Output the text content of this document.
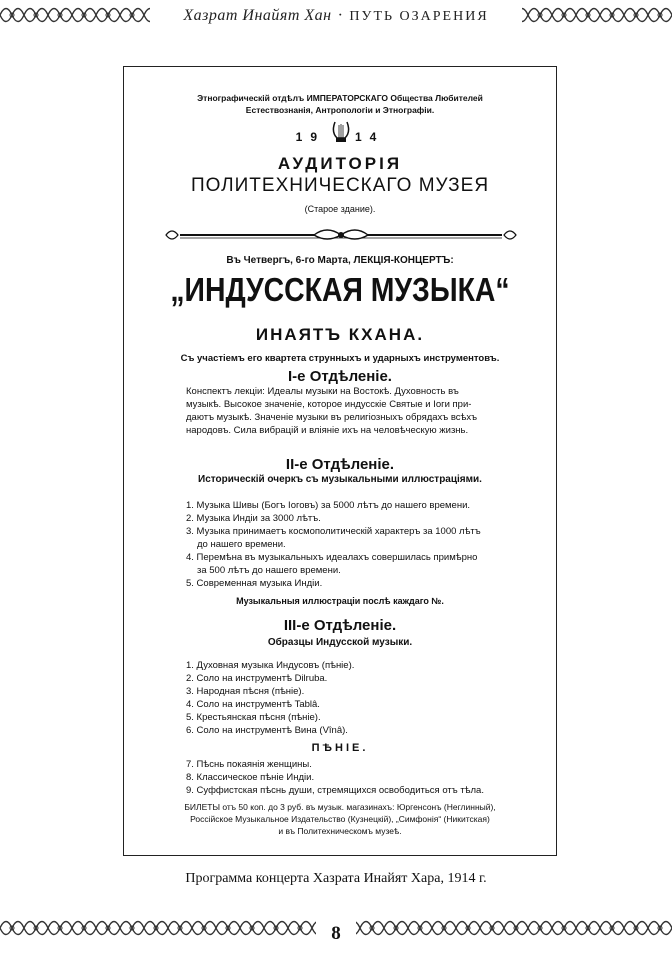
Хазрат Инайят Хан · ПУТЬ ОЗАРЕНИЯ
Этнографическій отдѣлъ ИМПЕРАТОРСКАГО Общества Любителей
Естествознанія, Антропологіи и Этнографіи.
19	14
АУДИТОРІЯ
ПОЛИТЕХНИЧЕСКАГО МУЗЕЯ
(Старое здание).
Въ Четвергъ, 6-го Марта, ЛЕКЦІЯ-КОНЦЕРТЪ:
„ИНДУССКАЯ МУЗЫКА“
ИНАЯТЪ КХАНА.
Съ участіемъ его квартета струнныхъ и ударныхъ инструментовъ.
I-е Отдѣленіе.
Конспектъ лекціи: Идеалы музыки на Востокѣ. Духовность въ
музыкѣ. Высокое значеніе, которое индусскіе Святые и Іоги при-
даютъ музыкѣ. Значеніе музыки въ религіозныхъ обрядахъ всѣхъ
народовъ. Сила вибрацій и вліяніе ихъ на человѣческую жизнь.
II-е Отдѣленіе.
Историческій очеркъ съ музыкальными иллюстраціями.
1. Музыка Шивы (Богъ Іоговъ) за 5000 лѣтъ до нашего времени.
2. Музыка Индіи за 3000 лѣтъ.
3. Музыка принимаетъ космополитическій характеръ за 1000 лѣтъ
до нашего времени.
4. Перемѣна въ музыкальныхъ идеалахъ совершилась примѣрно
за 500 лѣтъ до нашего времени.
5. Современная музыка Индіи.
Музыкальныя иллюстраціи послѣ каждаго №.
III-е Отдѣленіе.
Образцы Индусской музыки.
1. Духовная музыка Индусовъ (пѣніе).
2. Соло на инструментѣ Dilruba.
3. Народная пѣсня (пѣніе).
4. Соло на инструментѣ Tablâ.
5. Крестьянская пѣсня (пѣніе).
6. Соло на инструментѣ Вина (Vînâ).
ПѢНІЕ.
7. Пѣснь покаянія женщины.
8. Классическое пѣніе Индіи.
9. Суффистская пѣснь души, стремящихся освободиться отъ тѣла.
БИЛЕТЫ отъ 50 коп. до 3 руб. въ музык. магазинахъ: Юргенсонъ (Неглинный),
Россійское Музыкальное Издательство (Кузнецкій), „Симфонія“ (Никитская)
и въ Политехническомъ музеѣ.
Программа концерта Хазрата Инайят Хара, 1914 г.
8
